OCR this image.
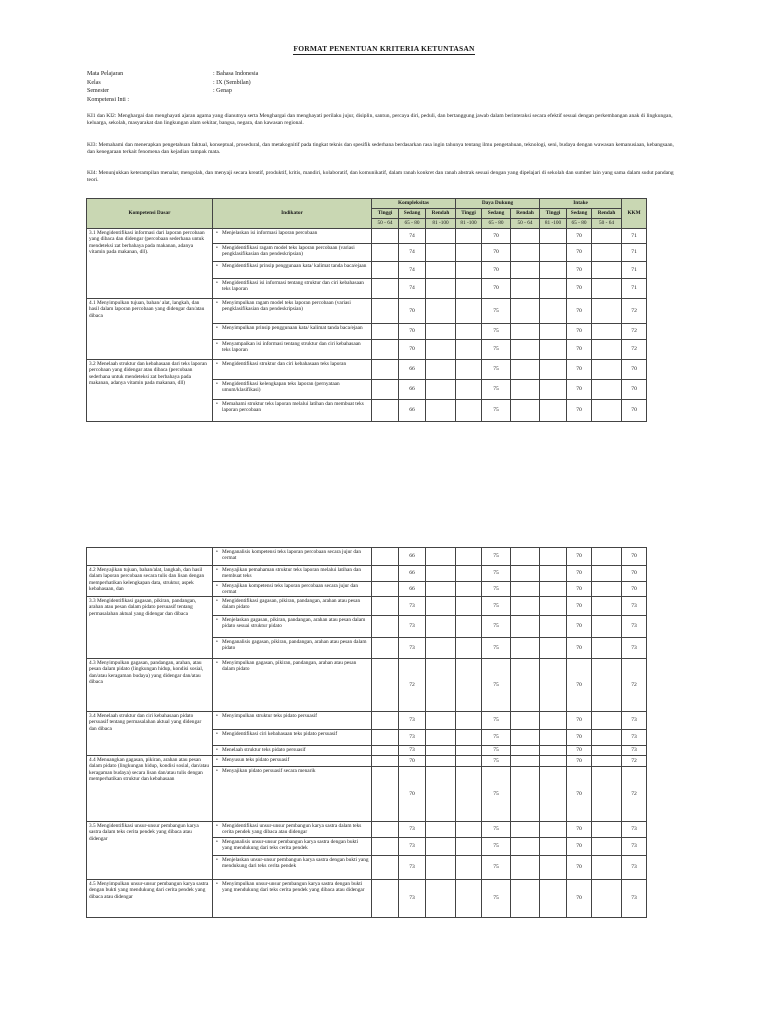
FORMAT PENENTUAN KRITERIA KETUNTASAN
Mata Pelajaran	: Bahasa Indonesia
Kelas	: IX (Sembilan)
Semester	: Genap
Kompetensi Inti :
KI1 dan KI2: Menghargai dan menghayati ajaran agama yang dianutnya serta Menghargai dan menghayati perilaku jujur, disiplin, santun, percaya diri, peduli, dan bertanggung jawab dalam berinteraksi secara efektif sesuai dengan perkembangan anak di lingkungan, keluarga, sekolah, masyarakat dan lingkungan alam sekitar, bangsa, negara, dan kawasan regional.
KI3: Memahami dan menerapkan pengetahuan faktual, konseptual, prosedural, dan metakognitif pada tingkat teknis dan spesifik sederhana berdasarkan rasa ingin tahunya tentang ilmu pengetahuan, teknologi, seni, budaya dengan wawasan kemanusiaan, kebangsaan, dan kenegaraan terkait fenomena dan kejadian tampak mata.
KI4: Menunjukkan keterampilan menalar, mengolah, dan menyaji secara kreatif, produktif, kritis, mandiri, kolaboratif, dan komunikatif, dalam ranah konkret dan ranah abstrak sesuai dengan yang dipelajari di sekolah dan sumber lain yang sama dalam sudut pandang teori.
Kompetensi Dasar	Indikator	Kompleksitas			Daya Dukung			Intake			KKM
		Tinggi	Sedang	Rendah	Tinggi	Sedang	Rendah	Tinggi	Sedang	Rendah	
		50 - 64	65 - 80	81 -100	81 -100	65 - 80	50 - 64	81 -100	65 - 80	50 - 64	
3.1 Mengidentifikasi informasi dari laporan percobaan yang dibaca dan didengar (percobaan sederhana untuk mendeteksi zat berbahaya pada makanan, adanya vitamin pada makanan, dll).	• Menjelaskan isi informasi laporan percobaan		74			70			70		71
	• Mengidentifikasi ragam model teks laporan percobaan (variasi pengklasifikasian dan pendeskripsian)		74			70			70		71
	• Mengidentifikasi prinsip penggunaan kata/ kalimat tanda baca/ejaan		74			70			70		71
	• Mengidentifikasi isi informasi tentang struktur dan ciri kebahasaan teks laporan		74			70			70		71
4.1 Menyimpulkan tujuan, bahan/ alat, langkah, dan hasil dalam laporan percobaan yang didengar dan/atau dibaca	• Menyimpulkan ragam model teks laporan percobaan (variasi pengklasifikasian dan pendeskripsian)		70			75			70		72
	• Menyimpulkan prinsip penggunaan kata/ kalimat tanda baca/ejaan		70			75			70		72
	• Menyampaikan isi informasi tentang struktur dan ciri kebahasaan teks laporan		70			75			70		72
3.2 Menelaah struktur dan kebahasaan dari teks laporan percobaan yang didengar atau dibaca (percobaan sederhana untuk mendeteksi zat berbahaya pada makanan, adanya vitamin pada makanan, dll)	• Mengidentifikasi struktur dan ciri kebahasaan teks laporan		66			75			70		70
	• Mengidentifikasi kelengkapan teks laporan (pernyataan umum/klasifikasi)		66			75			70		70
	• Memahami struktur teks laporan melalui latihan dan membuat teks laporan percobaan		66			75			70		70
	• Menganalisis kompetensi teks laporan percobaan secara jujur dan cermat		66			75			70		70
4.2 Menyajikan tujuan, bahan/alat, langkah, dan hasil dalam laporan percobaan secara tulis dan lisan dengan memperhatikan kelengkapan data, struktur, aspek kebahasaan, dan	• Menyajikan pemahaman struktur teks laporan melalui latihan dan membuat teks		66			75			70		70
	• Menyajikan kompetensi teks laporan percobaan secara jujur dan cermat		66			75			70		70
3.3 Mengidentifikasi gagasan, pikiran, pandangan, arahan atau pesan dalam pidato persuasif tentang permasalahan aktual yang didengar dan dibaca	• Mengidentifikasi gagasan, pikiran, pandangan, arahan atau pesan dalam pidato		73			75			70		73
	• Menjelaskan gagasan, pikiran, pandangan, arahan atau pesan dalam pidato sesuai struktur pidato		73			75			70		73
	• Menganalisis gagasan, pikiran, pandangan, arahan atau pesan dalam pidato		73			75			70		73
4.3 Menyimpulkan gagasan, pandangan, arahan, atau pesan dalam pidato (lingkungan hidup, kondisi sosial, dan/atau keragaman budaya) yang didengar dan/atau dibaca	• Menyimpulkan gagasan, pikiran, pandangan, arahan atau pesan dalam pidato		72			75			70		72
3.4 Menelaah struktur dan ciri kebahasaan pidato persuasif tentang permasalahan aktual yang didengar dan dibaca	• Menyimpulkan struktur teks pidato persuasif		73			75			70		73
	• Mengidentifikasi ciri kebahasaan teks pidato persuasif		73			75			70		73
	• Menelaah struktur teks pidato persuasif		73			75			70		73
4.4 Menuangkan gagasan, pikiran, arahan atau pesan dalam pidato (lingkungan hidup, kondisi sosial, dan/atau keragaman budaya) secara lisan dan/atau tulis dengan memperhatikan struktur dan kebahasaan	• Menyusun teks pidato persuasif		70			75			70		72
	• Menyajikan pidato persuasif secara menarik		70			75			70		72
3.5 Mengidentifikasi unsur-unsur pembangun karya sastra dalam teks cerita pendek yang dibaca atau didengar	• Mengidentifikasi unsur-unsur pembangun karya sastra dalam teks cerita pendek yang dibaca atau didengar		73			75			70		73
	• Menganalisis unsur-unsur pembangun karya sastra dengan bukti yang mendukung dari teks cerita pendek		73			75			70		73
	• Menjelaskan unsur-unsur pembangun karya sastra dengan bukti yang mendukung dari teks cerita pendek		73			75			70		73
4.5 Menyimpulkan unsur-unsur pembangun karya sastra dengan bukti yang mendukung dari cerita pendek yang dibaca atau didengar	• Menyimpulkan unsur-unsur pembangun karya sastra dengan bukti yang mendukung dari teks cerita pendek yang dibaca atau didengar		73			75			70		73
